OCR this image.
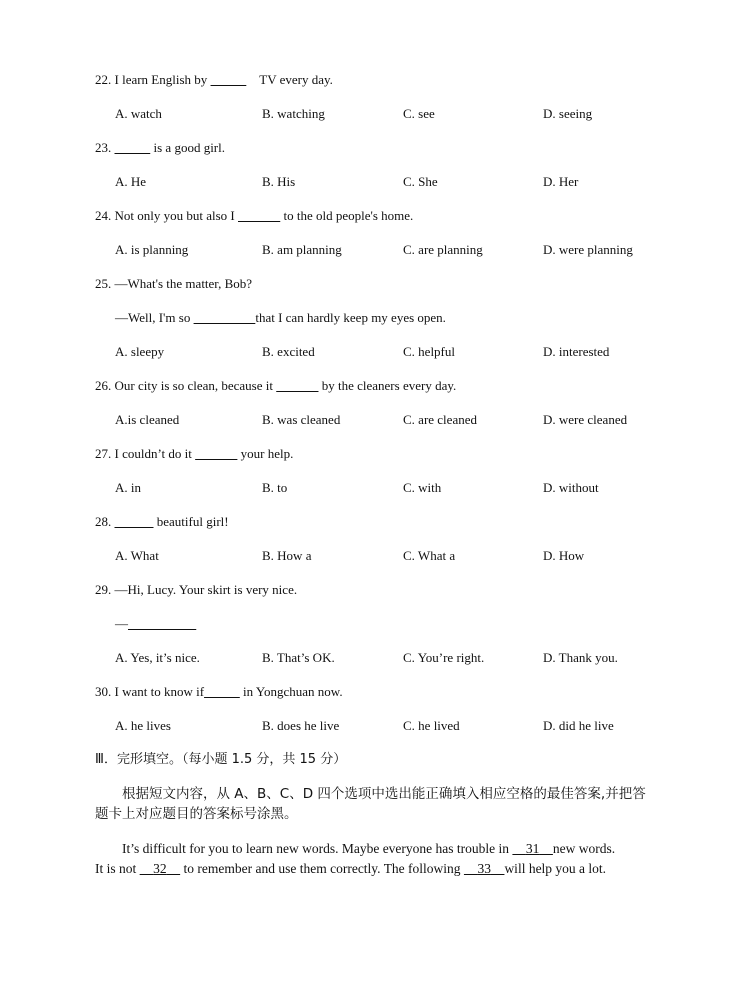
22. I learn English by	TV every day.
A. watch	B. watching	C. see	D. seeing
23.	is a good girl.
A. He	B. His	C. She	D. Her
24. Not only you but also I	to the old people's home.
A. is planning	B. am planning	C. are planning	D. were planning
25. —What's the matter, Bob?
—Well, I'm so	that I can hardly keep my eyes open.
A. sleepy	B. excited	C. helpful	D. interested
26. Our city is so clean, because it	by the cleaners every day.
A.is cleaned	B. was cleaned	C. are cleaned	D. were cleaned
27. I couldn’t do it	your help.
A. in	B. to	C. with	D. without
28.	beautiful girl!
A. What	B. How a	C. What a	D. How
29. —Hi, Lucy. Your skirt is very nice.
—
A. Yes, it’s nice.	B. That’s OK.	C. You’re right.	D. Thank you.
30. I want to know if	in Yongchuan now.
A. he lives	B. does he live	C. he lived	D. did he live
Ⅲ．完形填空。（每小题 1.5 分，共 15 分）
根据短文内容，从 A、B、C、D 四个选项中选出能正确填入相应空格的最佳答案,并把答
题卡上对应题目的答案标号涂黑。
It’s difficult for you to learn new words. Maybe everyone has trouble in     31 new words.
It is not     32     to remember and use them correctly. The following     33 will help you a lot.
